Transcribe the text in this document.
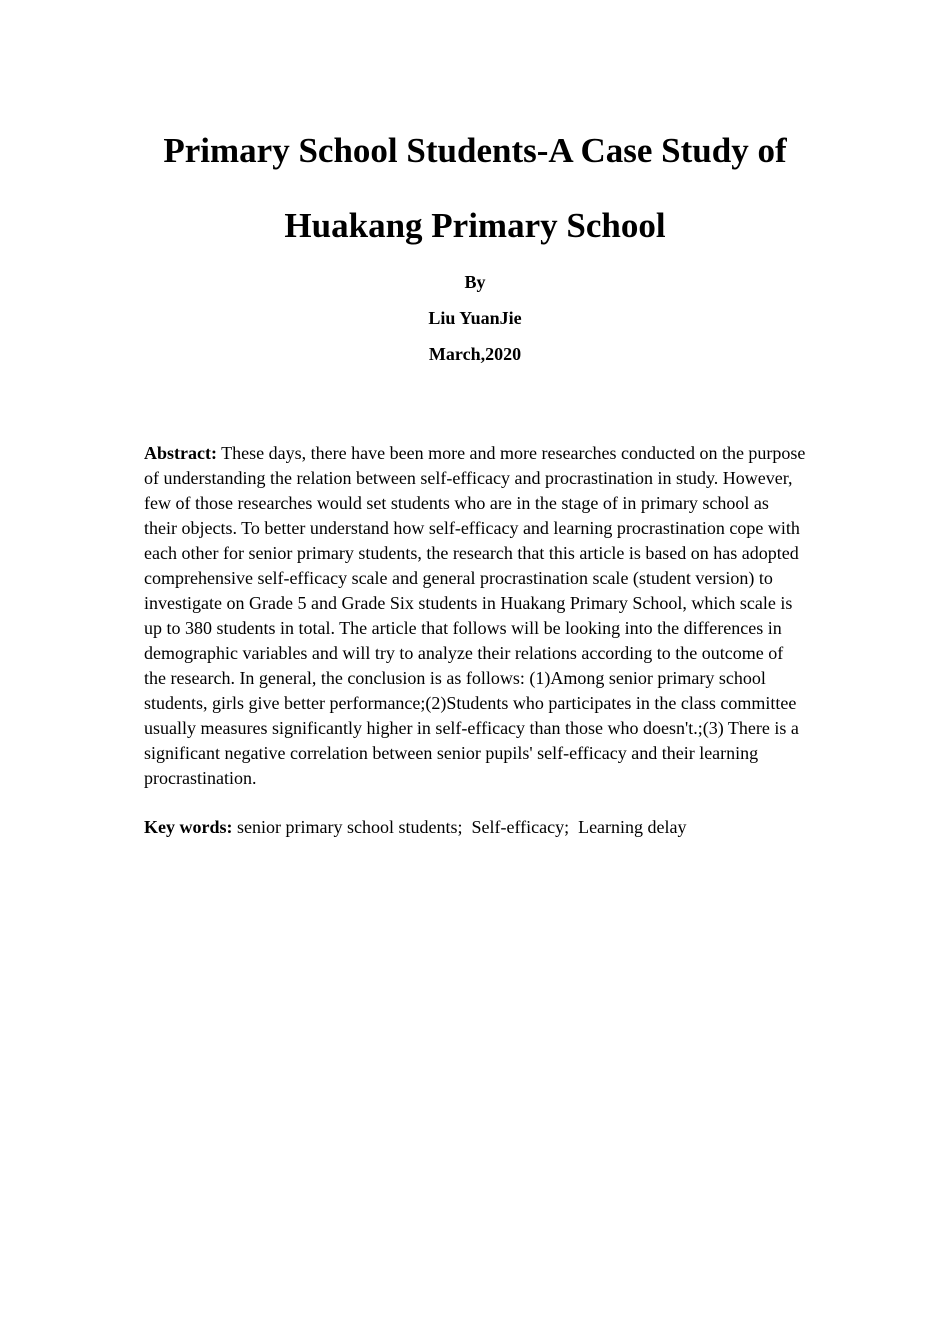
Primary School Students-A Case Study of
Huakang Primary School

By

Liu YuanJie

March,2020

Abstract: These days, there have been more and more researches conducted on the purpose of understanding the relation between self-efficacy and procrastination in study. However, few of those researches would set students who are in the stage of in primary school as their objects. To better understand how self-efficacy and learning procrastination cope with each other for senior primary students, the research that this article is based on has adopted comprehensive self-efficacy scale and general procrastination scale (student version) to investigate on Grade 5 and Grade Six students in Huakang Primary School, which scale is up to 380 students in total. The article that follows will be looking into the differences in demographic variables and will try to analyze their relations according to the outcome of the research. In general, the conclusion is as follows: (1)Among senior primary school students, girls give better performance;(2)Students who participates in the class committee usually measures significantly higher in self-efficacy than those who doesn't.;(3) There is a significant negative correlation between senior pupils' self-efficacy and their learning procrastination.

Key words: senior primary school students;  Self-efficacy;  Learning delay
